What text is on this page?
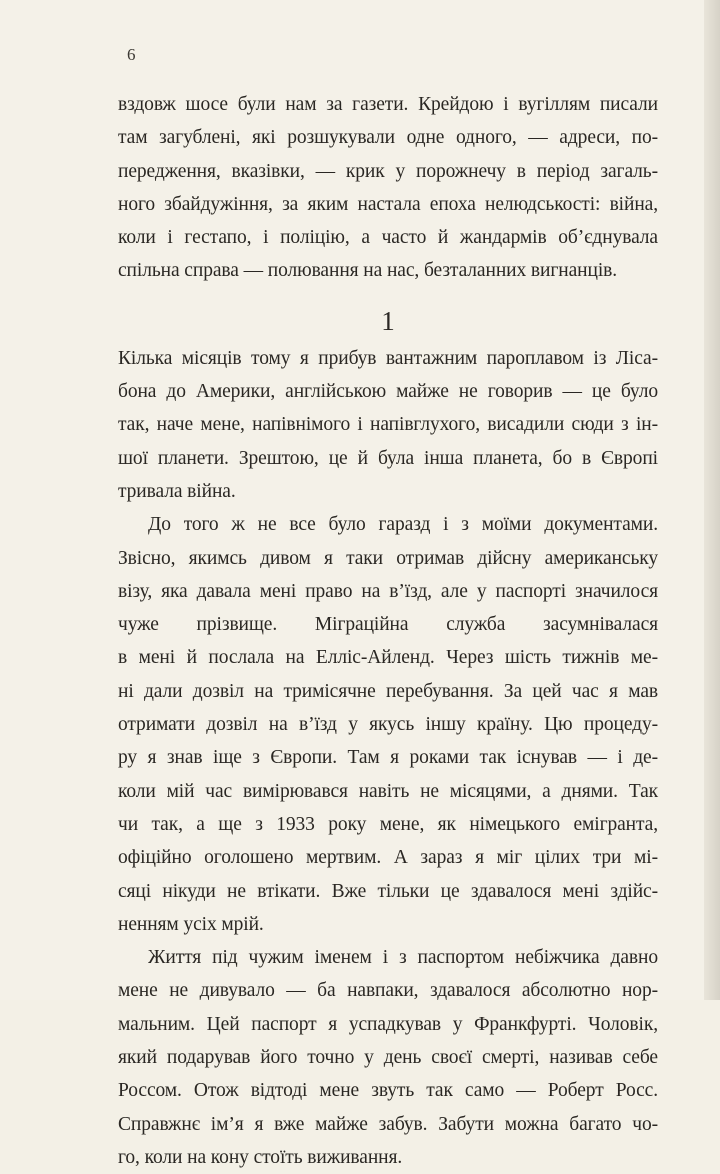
6
вздовж шосе були нам за газети. Крейдою і вугіллям писали
там загублені, які розшукували одне одного, — адреси, по-
передження, вказівки, — крик у порожнечу в період загаль-
ного збайдужіння, за яким настала епоха нелюдськості: війна,
коли і гестапо, і поліцію, а часто й жандармів об’єднувала
спільна справа — полювання на нас, безталанних вигнанців.
1
Кілька місяців тому я прибув вантажним пароплавом із Ліса-
бона до Америки, англійською майже не говорив — це було
так, наче мене, напівнімого і напівглухого, висадили сюди з ін-
шої планети. Зрештою, це й була інша планета, бо в Європі
тривала війна.
До того ж не все було гаразд і з моїми документами.
Звісно, якимсь дивом я таки отримав дійсну американську
візу, яка давала мені право на в’їзд, але у паспорті значилося
чуже прізвище. Міграційна служба засумнівалася
в мені й послала на Елліс-Айленд. Через шість тижнів ме-
ні дали дозвіл на тримісячне перебування. За цей час я мав
отримати дозвіл на в’їзд у якусь іншу країну. Цю процеду-
ру я знав іще з Європи. Там я роками так існував — і де-
коли мій час вимірювався навіть не місяцями, а днями. Так
чи так, а ще з 1933 року мене, як німецького емігранта,
офіційно оголошено мертвим. А зараз я міг цілих три мі-
сяці нікуди не втікати. Вже тільки це здавалося мені здійс-
ненням усіх мрій.
Життя під чужим іменем і з паспортом небіжчика давно
мене не дивувало — ба навпаки, здавалося абсолютно нор-
мальним. Цей паспорт я успадкував у Франкфурті. Чоловік,
який подарував його точно у день своєї смерті, називав себе
Россом. Отож відтоді мене звуть так само — Роберт Росс.
Справжнє ім’я я вже майже забув. Забути можна багато чо-
го, коли на кону стоїть виживання.
